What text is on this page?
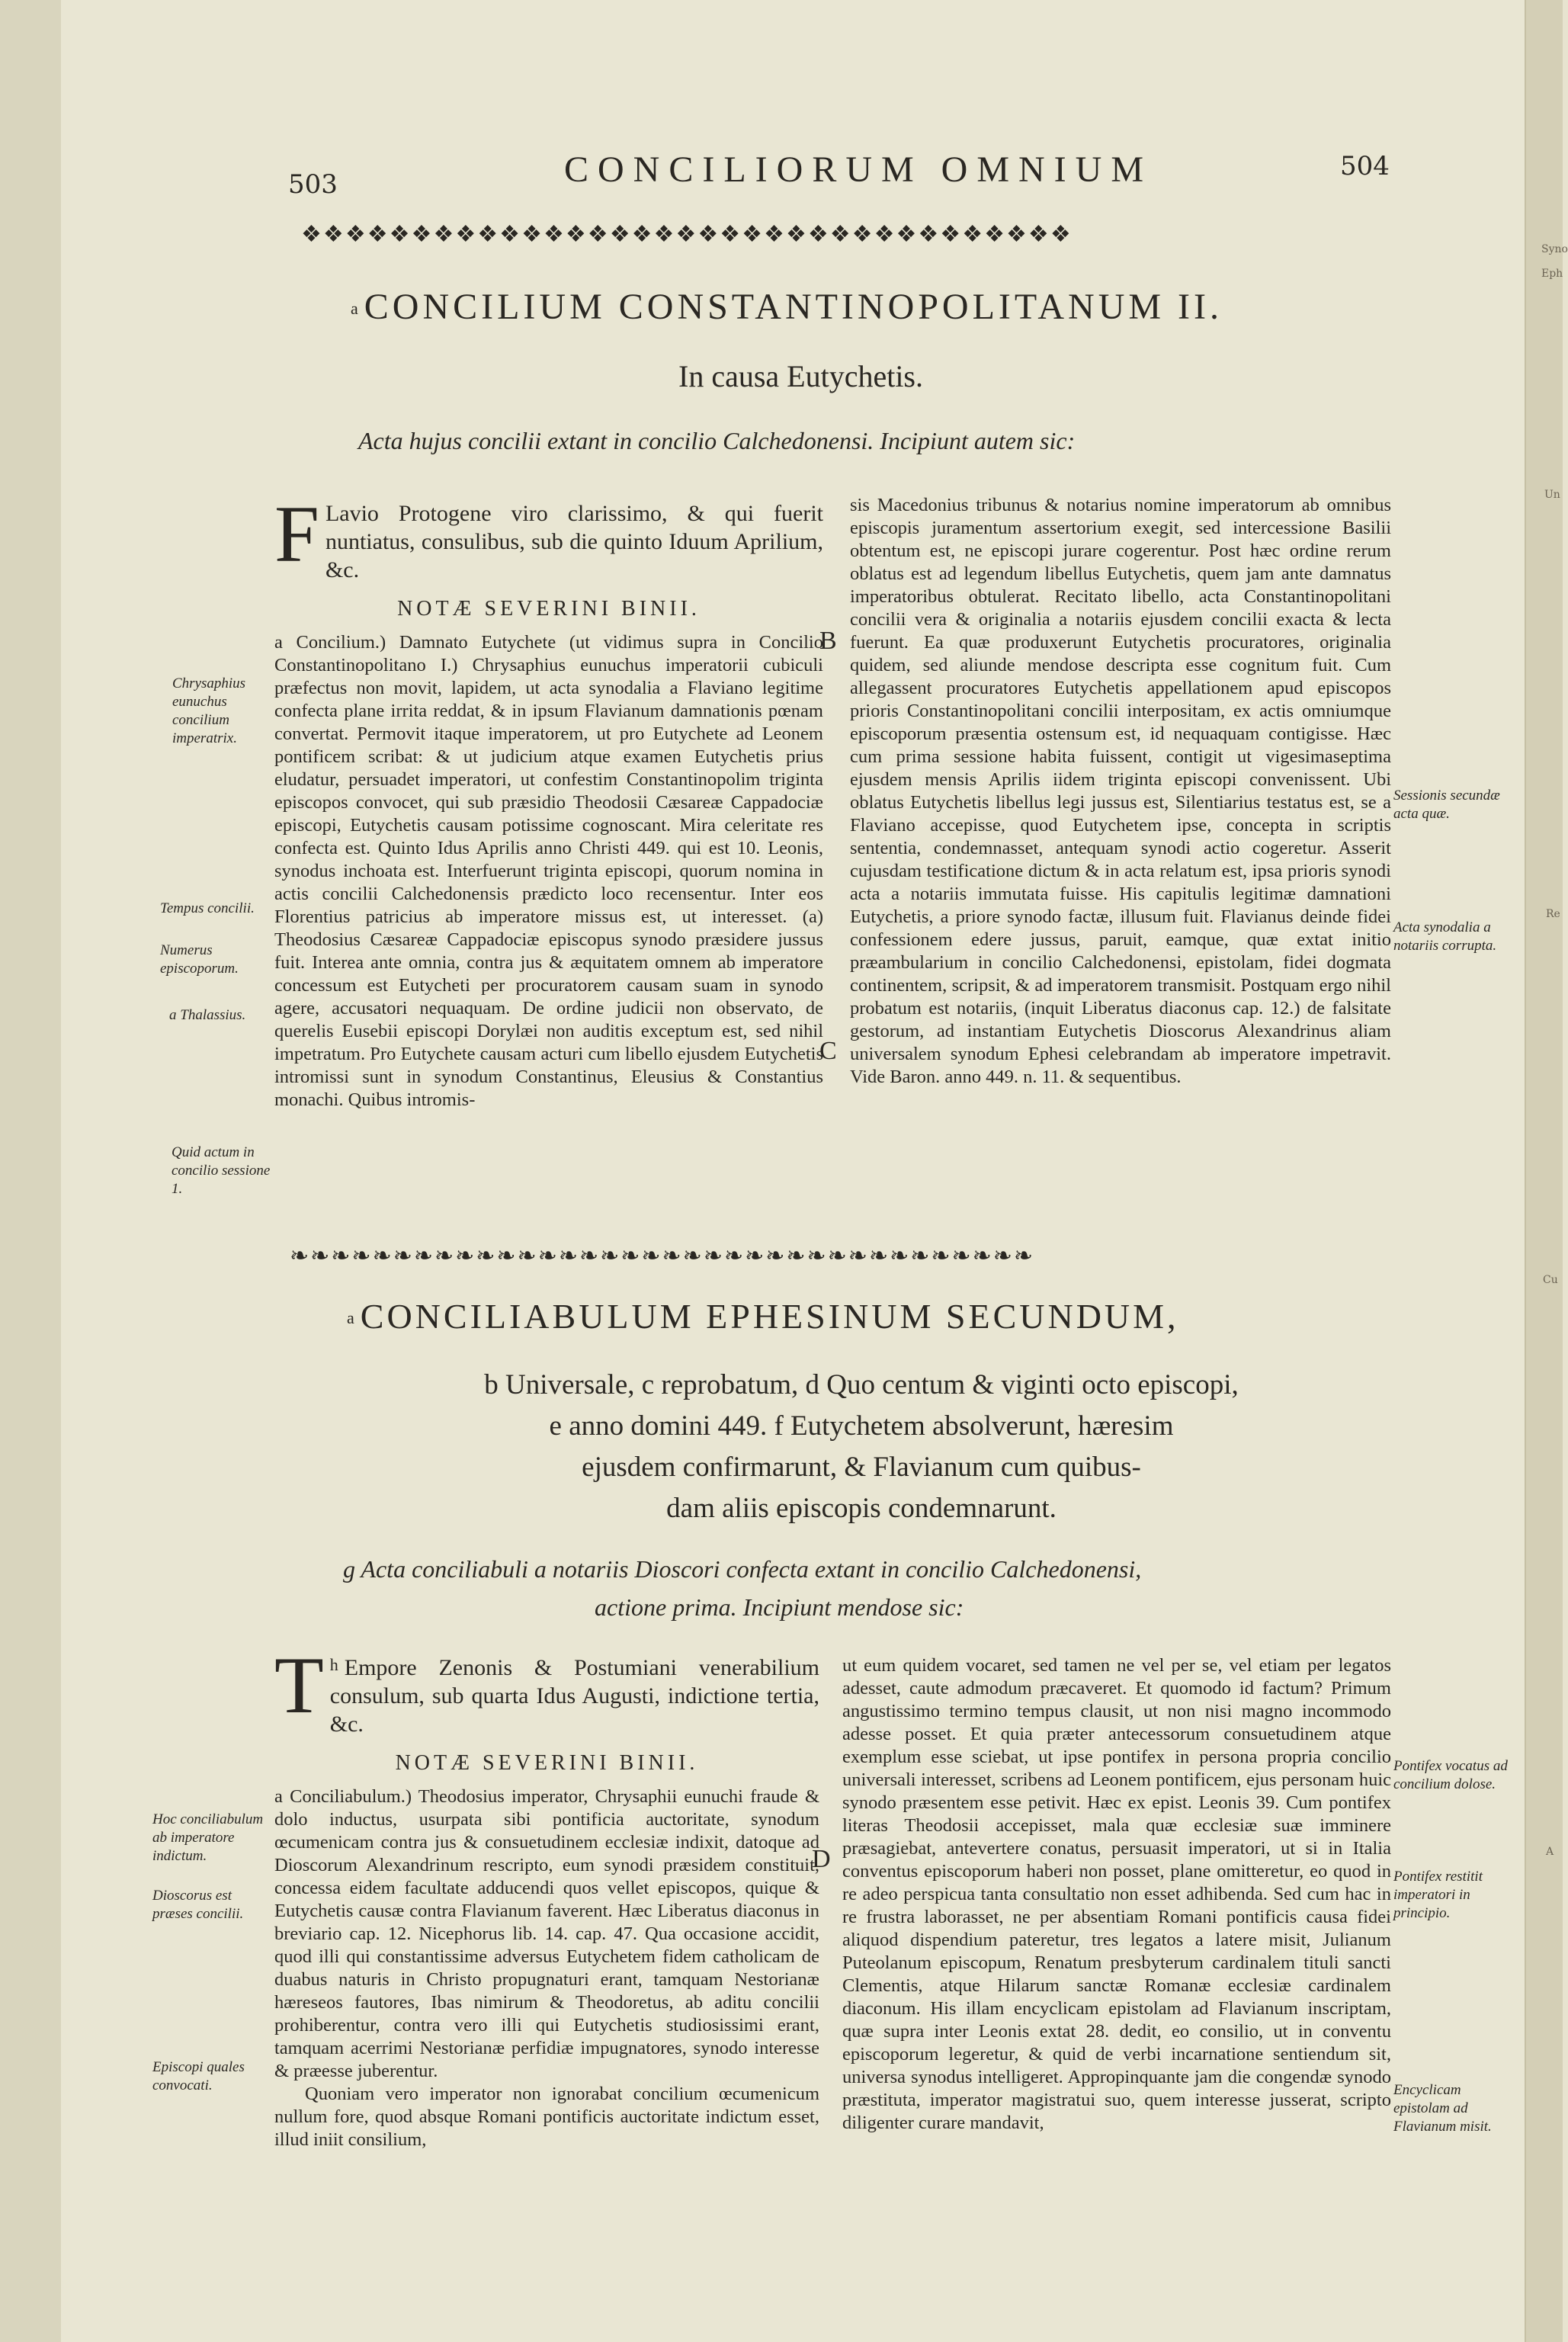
Syno
Eph
Un
Re
Cu
A
503	CONCILIORUM OMNIUM	504
❖❖❖❖❖❖❖❖❖❖❖❖❖❖❖❖❖❖❖❖❖❖❖❖❖❖❖❖❖❖❖❖❖❖❖
$^a$ CONCILIUM CONSTANTINOPOLITANUM II.
In causa Eutychetis.
Acta hujus concilii extant in concilio Calchedonensi. Incipiunt autem sic:

F Lavio Protogene viro clarissimo, & qui fuerit nuntiatus, consulibus, sub die quinto Iduum Aprilium, &c.

NOTÆ SEVERINI BINII.

a Concilium.) Damnato Eutychete (ut vidimus supra in Concilio Constantinopolitano I.) Chrysaphius eunuchus imperatorii cubiculi præfectus non movit, lapidem, ut acta synodalia a Flaviano legitime confecta plane irrita reddat, & in ipsum Flavianum damnationis pœnam convertat. Permovit itaque imperatorem, ut pro Eutychete ad Leonem pontificem scribat: & ut judicium atque examen Eutychetis prius eludatur, persuadet imperatori, ut confestim Constantinopolim triginta episcopos convocet, qui sub præsidio Theodosii Cæsareæ Cappadociæ episcopi, Eutychetis causam potissime cognoscant. Mira celeritate res confecta est. Quinto Idus Aprilis anno Christi 449. qui est 10. Leonis, synodus inchoata est. Interfuerunt triginta episcopi, quorum nomina in actis concilii Calchedonensis prædicto loco recensentur. Inter eos Florentius patricius ab imperatore missus est, ut interesset. (a) Theodosius Cæsareæ Cappadociæ episcopus synodo præsidere jussus fuit. Interea ante omnia, contra jus & æquitatem omnem ab imperatore concessum est Eutycheti per procuratorem causam suam in synodo agere, accusatori nequaquam. De ordine judicii non observato, de querelis Eusebii episcopi Dorylæi non auditis exceptum est, sed nihil impetratum. Pro Eutychete causam acturi cum libello ejusdem Eutychetis intromissi sunt in synodum Constantinus, Eleusius & Constantius monachi. Quibus intromis-

sis Macedonius tribunus & notarius nomine imperatorum ab omnibus episcopis juramentum assertorium exegit, sed intercessione Basilii obtentum est, ne episcopi jurare cogerentur. Post hæc ordine rerum oblatus est ad legendum libellus Eutychetis, quem jam ante damnatus imperatoribus obtulerat. Recitato libello, acta Constantinopolitani concilii vera & originalia a notariis ejusdem concilii exacta & lecta fuerunt. Ea quæ produxerunt Eutychetis procuratores, originalia quidem, sed aliunde mendose descripta esse cognitum fuit. Cum allegassent procuratores Eutychetis appellationem apud episcopos prioris Constantinopolitani concilii interpositam, ex actis omniumque episcoporum præsentia ostensum est, id nequaquam contigisse. Hæc cum prima sessione habita fuissent, contigit ut vigesimaseptima ejusdem mensis Aprilis iidem triginta episcopi convenissent. Ubi oblatus Eutychetis libellus legi jussus est, Silentiarius testatus est, se a Flaviano accepisse, quod Eutychetem ipse, concepta in scriptis sententia, condemnasset, antequam synodi actio cogeretur. Asserit cujusdam testificatione dictum & in acta relatum est, ipsa prioris synodi acta a notariis immutata fuisse. His capitulis legitimæ damnationi Eutychetis, a priore synodo factæ, illusum fuit. Flavianus deinde fidei confessionem edere jussus, paruit, eamque, quæ extat initio præambularium in concilio Calchedonensi, epistolam, fidei dogmata continentem, scripsit, & ad imperatorem transmisit. Postquam ergo nihil probatum est notariis, (inquit Liberatus diaconus cap. 12.) de falsitate gestorum, ad instantiam Eutychetis Dioscorus Alexandrinus aliam universalem synodum Ephesi celebrandam ab imperatore impetravit. Vide Baron. anno 449. n. 11. & sequentibus.

B
C
Chrysaphius eunuchus concilium imperatrix.
Tempus concilii.
Numerus episcoporum.
a Thalassius.
Quid actum in concilio sessione 1.
Sessionis secundæ acta quæ.
Acta synodalia a notariis corrupta.
❧❧❧❧❧❧❧❧❧❧❧❧❧❧❧❧❧❧❧❧❧❧❧❧❧❧❧❧❧❧❧❧❧❧❧❧
$^a$ CONCILIABULUM EPHESINUM SECUNDUM,
b Universale, c reprobatum, d Quo centum & viginti octo episcopi,
e anno domini 449. f Eutychetem absolverunt, hæresim
ejusdem confirmarunt, & Flavianum cum quibus-
dam aliis episcopis condemnarunt.
g Acta conciliabuli a notariis Dioscori confecta extant in concilio Calchedonensi,
actione prima. Incipiunt mendose sic:

$^h$
T Empore Zenonis & Postumiani venerabilium consulum, sub quarta Idus Augusti, indictione tertia, &c.

NOTÆ SEVERINI BINII.

a Conciliabulum.) Theodosius imperator, Chrysaphii eunuchi fraude & dolo inductus, usurpata sibi pontificia auctoritate, synodum œcumenicam contra jus & consuetudinem ecclesiæ indixit, datoque ad Dioscorum Alexandrinum rescripto, eum synodi præsidem constituit, concessa eidem facultate adducendi quos vellet episcopos, quique & Eutychetis causæ contra Flavianum faverent. Hæc Liberatus diaconus in breviario cap. 12. Nicephorus lib. 14. cap. 47. Qua occasione accidit, quod illi qui constantissime adversus Eutychetem fidem catholicam de duabus naturis in Christo propugnaturi erant, tamquam Nestorianæ hæreseos fautores, Ibas nimirum & Theodoretus, ab aditu concilii prohiberentur, contra vero illi qui Eutychetis studiosissimi erant, tamquam acerrimi Nestorianæ perfidiæ impugnatores, synodo interesse & præesse juberentur.

Quoniam vero imperator non ignorabat concilium œcumenicum nullum fore, quod absque Romani pontificis auctoritate indictum esset, illud iniit consilium,

ut eum quidem vocaret, sed tamen ne vel per se, vel etiam per legatos adesset, caute admodum præcaveret. Et quomodo id factum? Primum angustissimo termino tempus clausit, ut non nisi magno incommodo adesse posset. Et quia præter antecessorum consuetudinem atque exemplum esse sciebat, ut ipse pontifex in persona propria concilio universali interesset, scribens ad Leonem pontificem, ejus personam huic synodo præsentem esse petivit. Hæc ex epist. Leonis 39. Cum pontifex literas Theodosii accepisset, mala quæ ecclesiæ suæ imminere præsagiebat, antevertere conatus, persuasit imperatori, ut si in Italia conventus episcoporum haberi non posset, plane omitteretur, eo quod in re adeo perspicua tanta consultatio non esset adhibenda. Sed cum hac in re frustra laborasset, ne per absentiam Romani pontificis causa fidei aliquod dispendium pateretur, tres legatos a latere misit, Julianum Puteolanum episcopum, Renatum presbyterum cardinalem tituli sancti Clementis, atque Hilarum sanctæ Romanæ ecclesiæ cardinalem diaconum. His illam encyclicam epistolam ad Flavianum inscriptam, quæ supra inter Leonis extat 28. dedit, eo consilio, ut in conventu episcoporum legeretur, & quid de verbi incarnatione sentiendum sit, universa synodus intelligeret. Appropinquante jam die congendæ synodo præstituta, imperator magistratui suo, quem interesse jusserat, scripto diligenter curare mandavit,

D
Hoc conciliabulum ab imperatore indictum.
Dioscorus est præses concilii.
Episcopi quales convocati.
Pontifex vocatus ad concilium dolose.
Pontifex restitit imperatori in principio.
Encyclicam epistolam ad Flavianum misit.
